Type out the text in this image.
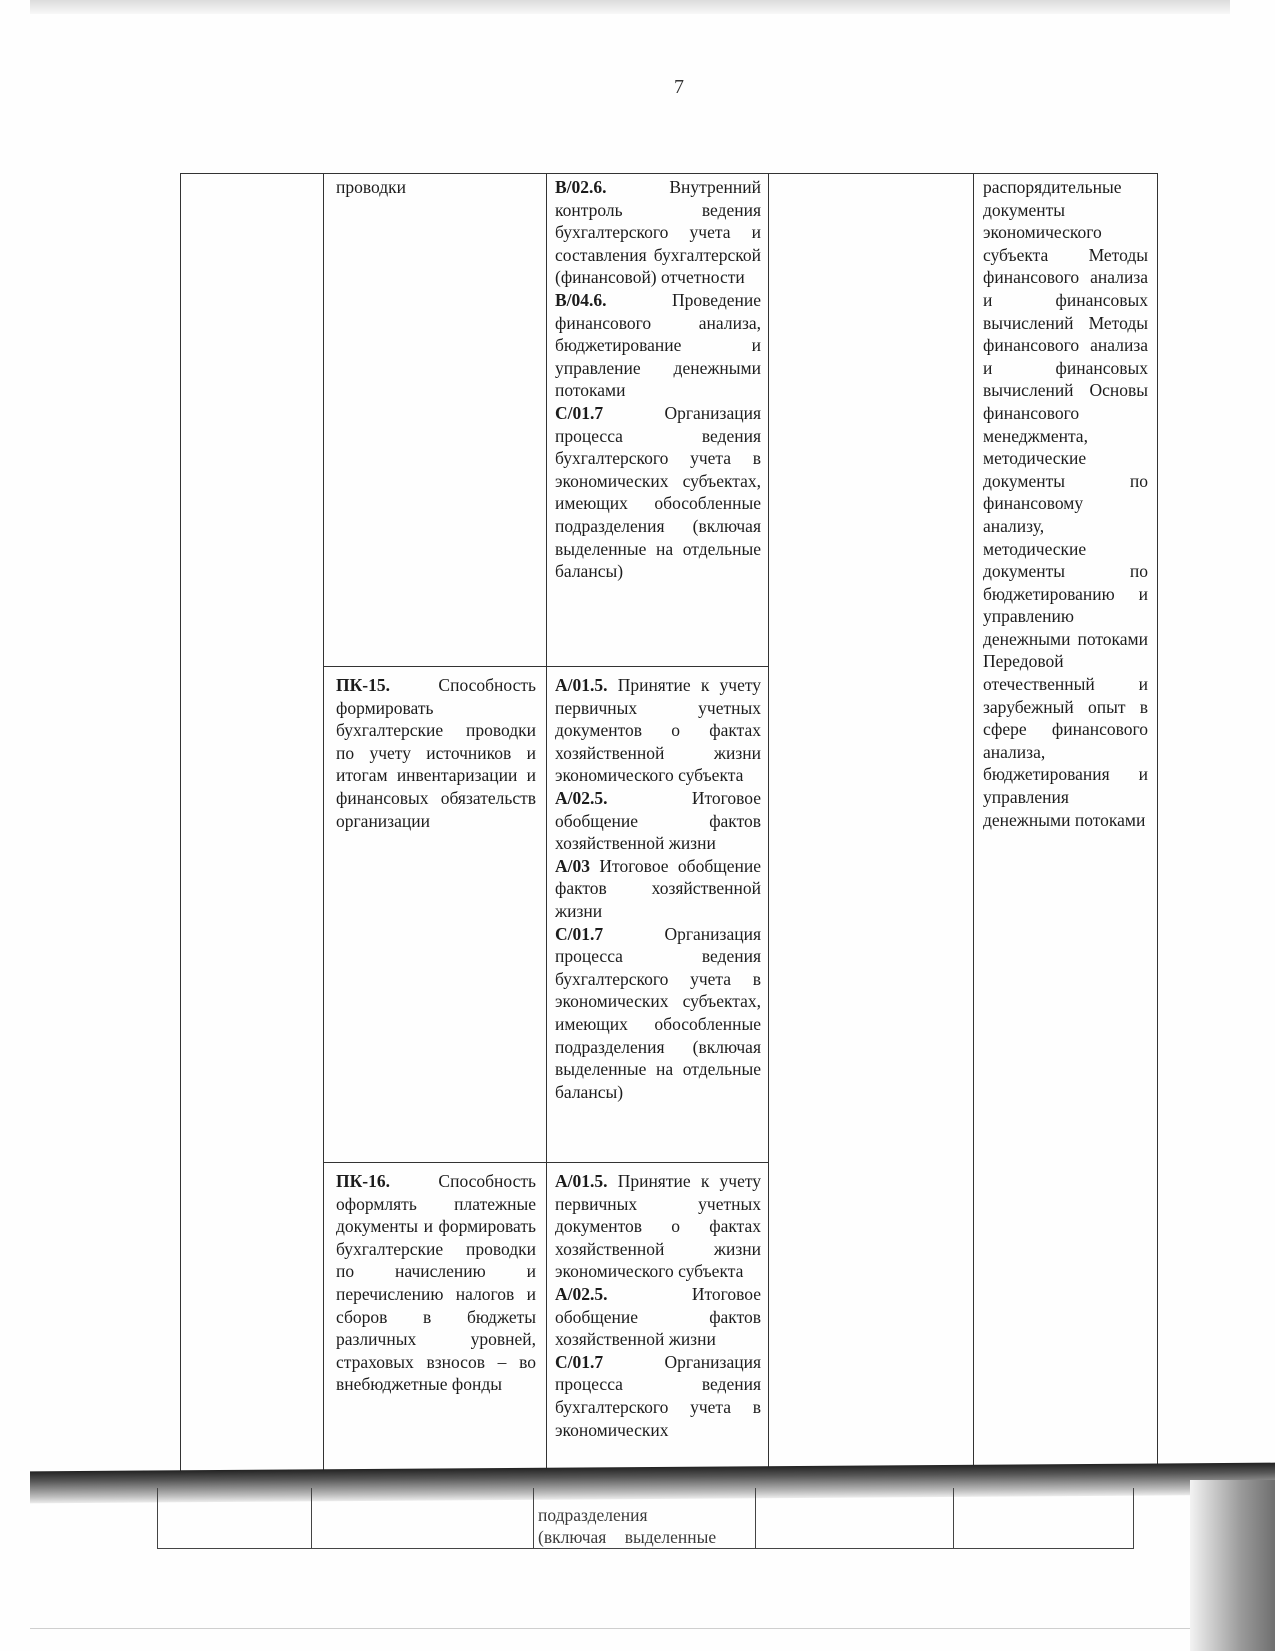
7
проводки	В/02.6. Внутренний контроль ведения бухгалтерского учета и составления бухгалтерской (финансовой) отчетности

В/04.6. Проведение финансового анализа, бюджетирование и управление денежными потоками

С/01.7 Организация процесса ведения бухгалтерского учета в экономических субъектах, имеющих обособленные подразделения (включая выделенные на отдельные балансы)

распорядительные документы экономического субъекта Методы финансового анализа и финансовых вычислений Методы финансового анализа и финансовых вычислений Основы финансового менеджмента, методические документы по финансовому анализу, методические документы по бюджетированию и управлению денежными потоками Передовой отечественный и зарубежный опыт в сфере финансового анализа, бюджетирования и управления денежными потоками

ПК-15. Способность формировать бухгалтерские проводки по учету источников и итогам инвентаризации и финансовых обязательств организации

А/01.5. Принятие к учету первичных учетных документов о фактах хозяйственной жизни экономического субъекта

А/02.5. Итоговое обобщение фактов хозяйственной жизни

А/03 Итоговое обобщение фактов хозяйственной жизни

С/01.7 Организация процесса ведения бухгалтерского учета в экономических субъектах, имеющих обособленные подразделения (включая выделенные на отдельные балансы)

ПК-16. Способность оформлять платежные документы и формировать бухгалтерские проводки по начислению и перечислению налогов и сборов в бюджеты различных уровней, страховых взносов – во внебюджетные фонды

А/01.5. Принятие к учету первичных учетных документов о фактах хозяйственной жизни экономического субъекта

А/02.5. Итоговое обобщение фактов хозяйственной жизни

С/01.7 Организация процесса ведения бухгалтерского учета в экономических

подразделения
(включая выделенные
